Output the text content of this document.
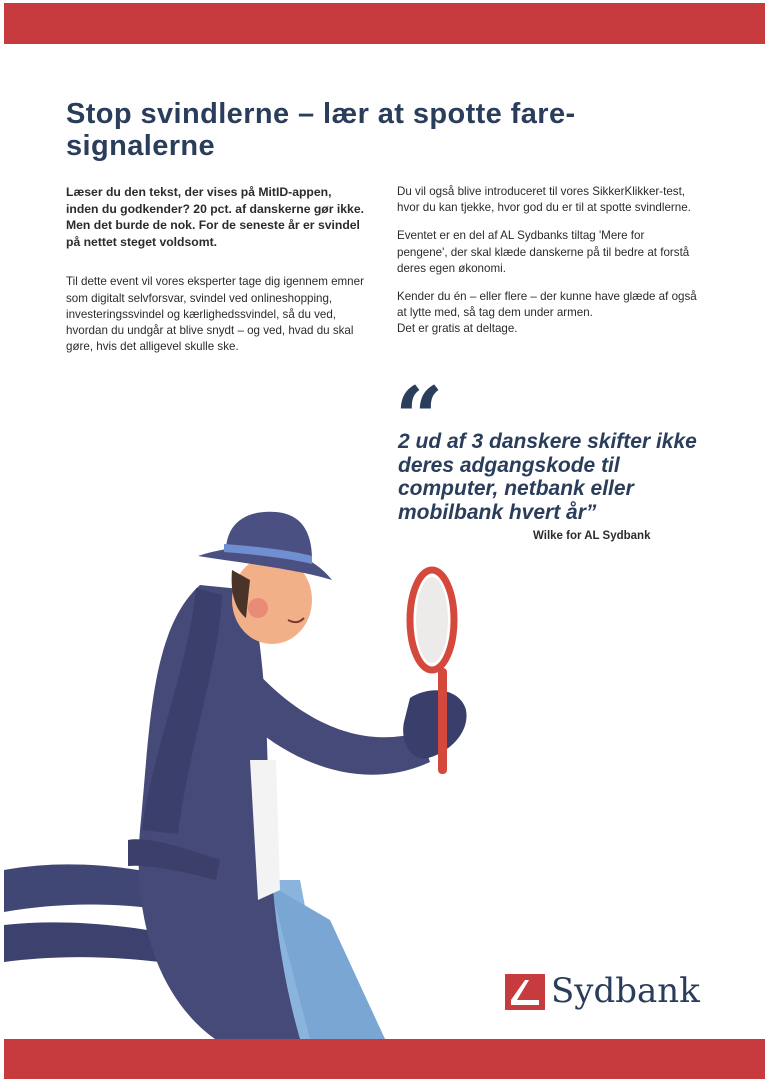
Stop svindlerne – lær at spotte fare-signalerne

Læser du den tekst, der vises på MitID-appen, inden du godkender? 20 pct. af danskerne gør ikke. Men det burde de nok. For de seneste år er svindel på nettet steget voldsomt.

Til dette event vil vores eksperter tage dig igennem emner som digitalt selvforsvar, svindel ved onlineshopping, investeringssvindel og kærlighedssvindel, så du ved, hvordan du undgår at blive snydt – og ved, hvad du skal gøre, hvis det alligevel skulle ske.

Du vil også blive introduceret til vores SikkerKlikker-test, hvor du kan tjekke, hvor god du er til at spotte svindlerne.

Eventet er en del af AL Sydbanks tiltag 'Mere for pengene', der skal klæde danskerne på til bedre at forstå deres egen økonomi.

Kender du én – eller flere – der kunne have glæde af også at lytte med, så tag dem under armen.

Det er gratis at deltage.

“

2 ud af 3 danskere skifter ikke deres adgangskode til computer, netbank eller mobilbank hvert år”

Wilke for AL Sydbank
Sydbank
